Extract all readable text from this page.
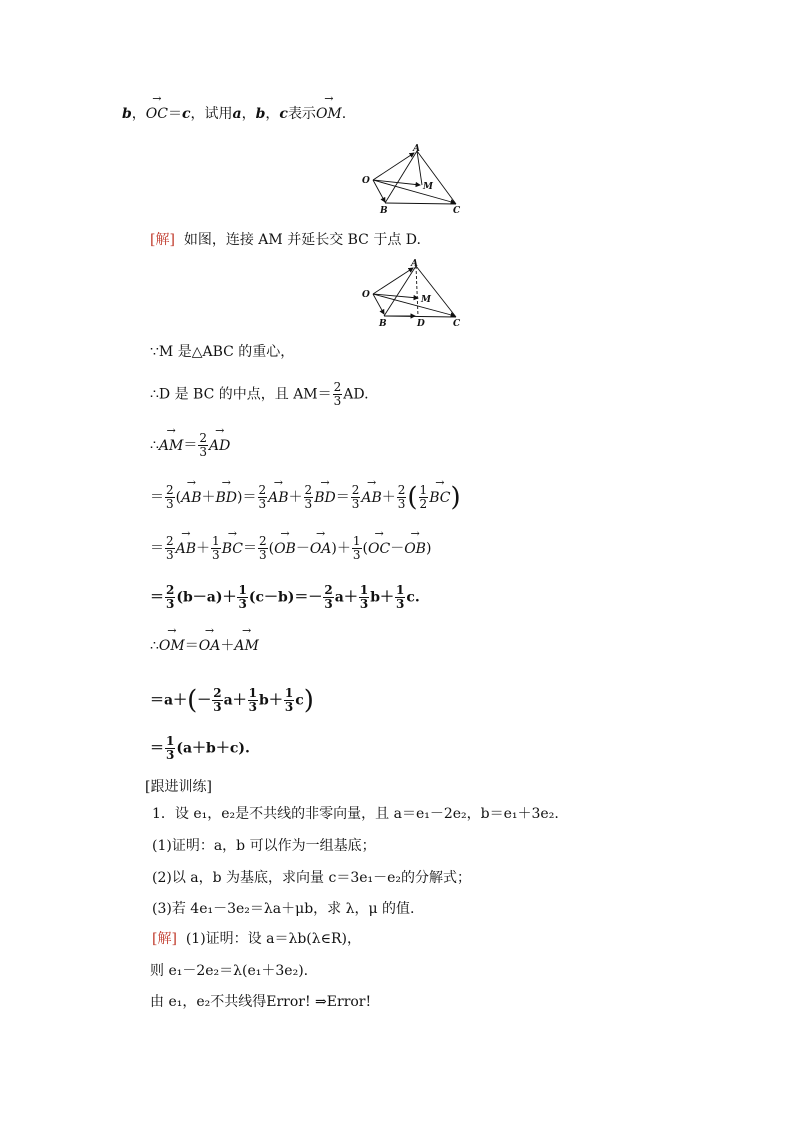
b，→ OC＝c，试用a，b，c表示→ OM.
O
A
B	C
M
[解] 如图，连接 AM 并延长交 BC 于点 D.
O
A
B	C
M
D
∵M 是△ABC 的重心，
∴D 是 BC 的中点，且 $AM= \frac{2}{3}$ AD.
∴→ $AM= \frac{2}{3}$
→ AD
＝ $\frac{2}{3}$ (→ $AB+\to BD)= \frac{2}{3}$
→ $AB+ \frac{2}{3}$
→ $BD= \frac{2}{3}$
→ $AB+ \frac{2}{3}$ ( $\frac{1}{2}$
→ BC)
＝ $\frac{2}{3}$
→ $AB+ \frac{1}{3}$
→ $BC= \frac{2}{3}$ (→ $OB-\to OA)+ \frac{1}{3}$ (→ OC－→ OB)
＝ $\frac{2}{3} (b-a)+ \frac{1}{3} (c-b)=- \frac{2}{3} a+ \frac{1}{3} b+ \frac{1}{3} c$.
∴→ OM＝→ OA＋→ AM
$=a+(- \frac{2}{3} a+ \frac{1}{3} b+ \frac{1}{3} c)$
＝ $\frac{1}{3} (a+b+c)$.
[跟进训练]
1．设 e₁，e₂是不共线的非零向量，且 a＝e₁－2e₂，b＝e₁＋3e₂.
(1)证明：a，b 可以作为一组基底；
(2)以 a，b 为基底，求向量 c＝3e₁－e₂的分解式；
(3)若 4e₁－3e₂＝λa＋μb，求 λ，μ 的值.
[解] (1)证明：设 a＝λb(λ∈R)，
则 e₁－2e₂＝λ(e₁＋3e₂).
由 e₁，e₂不共线得Error! ⇒Error!
